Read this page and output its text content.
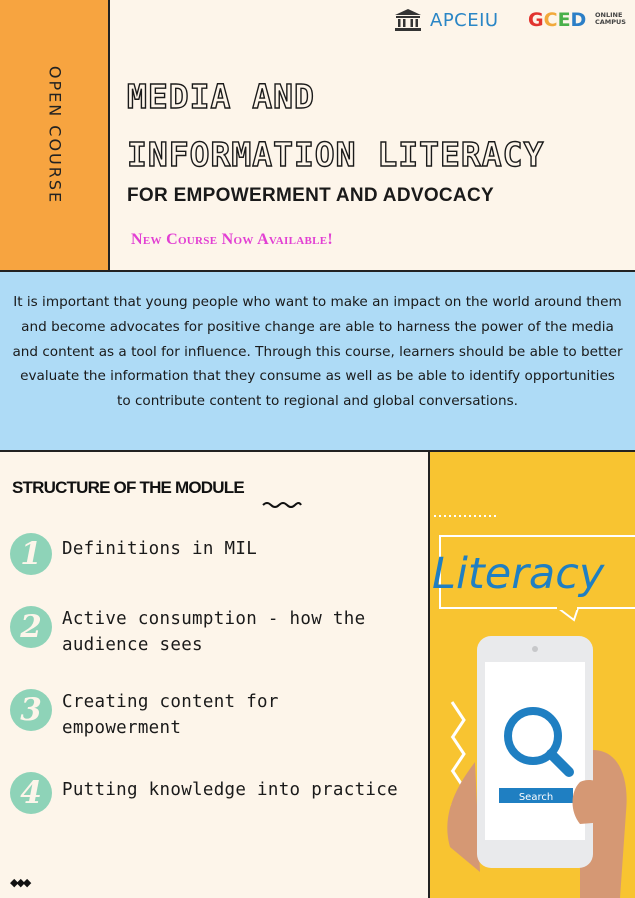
OPEN COURSE
APCEIU GCED ONLINE
CAMPUS
MEDIA AND
INFORMATION LITERACY
FOR EMPOWERMENT AND ADVOCACY
New Course Now Available!
It is important that young people who want to make an impact on the world around them and become advocates for positive change are able to harness the power of the media and content as a tool for influence. Through this course, learners should be able to better evaluate the information that they consume as well as be able to identify opportunities to contribute content to regional and global conversations.
STRUCTURE OF THE MODULE
1	Definitions in MIL
2	Active consumption - how the audience sees
3	Creating content for empowerment
4	Putting knowledge into practice
◆◆◆
Literacy
Search
